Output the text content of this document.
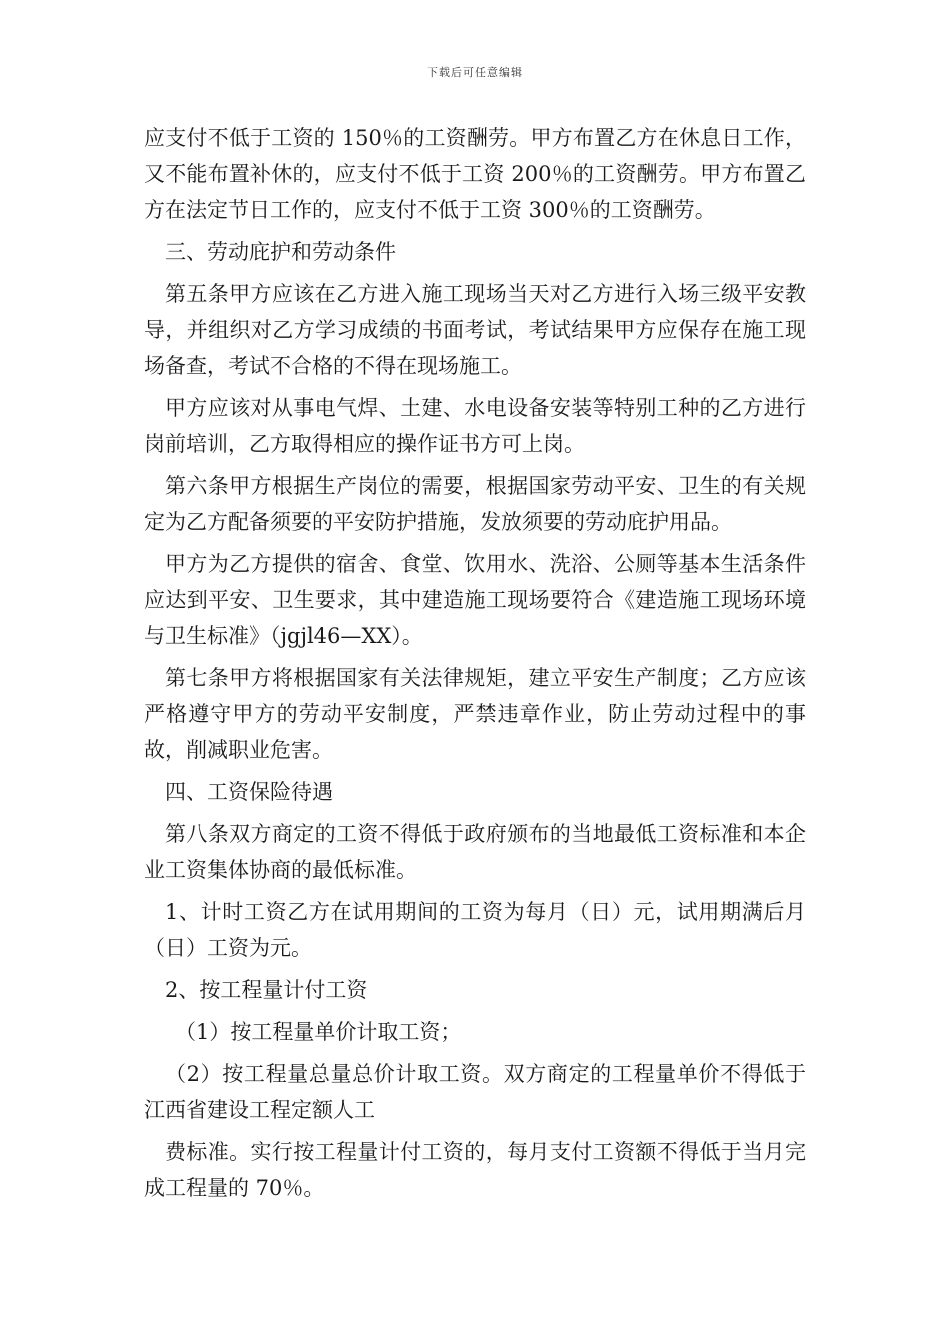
下载后可任意编辑

应支付不低于工资的 150％的工资酬劳。甲方布置乙方在休息日工作，又不能布置补休的，应支付不低于工资 200％的工资酬劳。甲方布置乙方在法定节日工作的，应支付不低于工资 300％的工资酬劳。

三、劳动庇护和劳动条件

第五条甲方应该在乙方进入施工现场当天对乙方进行入场三级平安教导，并组织对乙方学习成绩的书面考试，考试结果甲方应保存在施工现场备查，考试不合格的不得在现场施工。

甲方应该对从事电气焊、土建、水电设备安装等特别工种的乙方进行岗前培训，乙方取得相应的操作证书方可上岗。

第六条甲方根据生产岗位的需要，根据国家劳动平安、卫生的有关规定为乙方配备须要的平安防护措施，发放须要的劳动庇护用品。

甲方为乙方提供的宿舍、食堂、饮用水、洗浴、公厕等基本生活条件应达到平安、卫生要求，其中建造施工现场要符合《建造施工现场环境与卫生标准》（jgjl46—XX）。

第七条甲方将根据国家有关法律规矩，建立平安生产制度；乙方应该严格遵守甲方的劳动平安制度，严禁违章作业，防止劳动过程中的事故，削减职业危害。

四、工资保险待遇

第八条双方商定的工资不得低于政府颁布的当地最低工资标准和本企业工资集体协商的最低标准。

1、计时工资乙方在试用期间的工资为每月（日）元，试用期满后月（日）工资为元。

2、按工程量计付工资

（1）按工程量单价计取工资；

（2）按工程量总量总价计取工资。双方商定的工程量单价不得低于江西省建设工程定额人工

费标准。实行按工程量计付工资的，每月支付工资额不得低于当月完成工程量的 70％。
